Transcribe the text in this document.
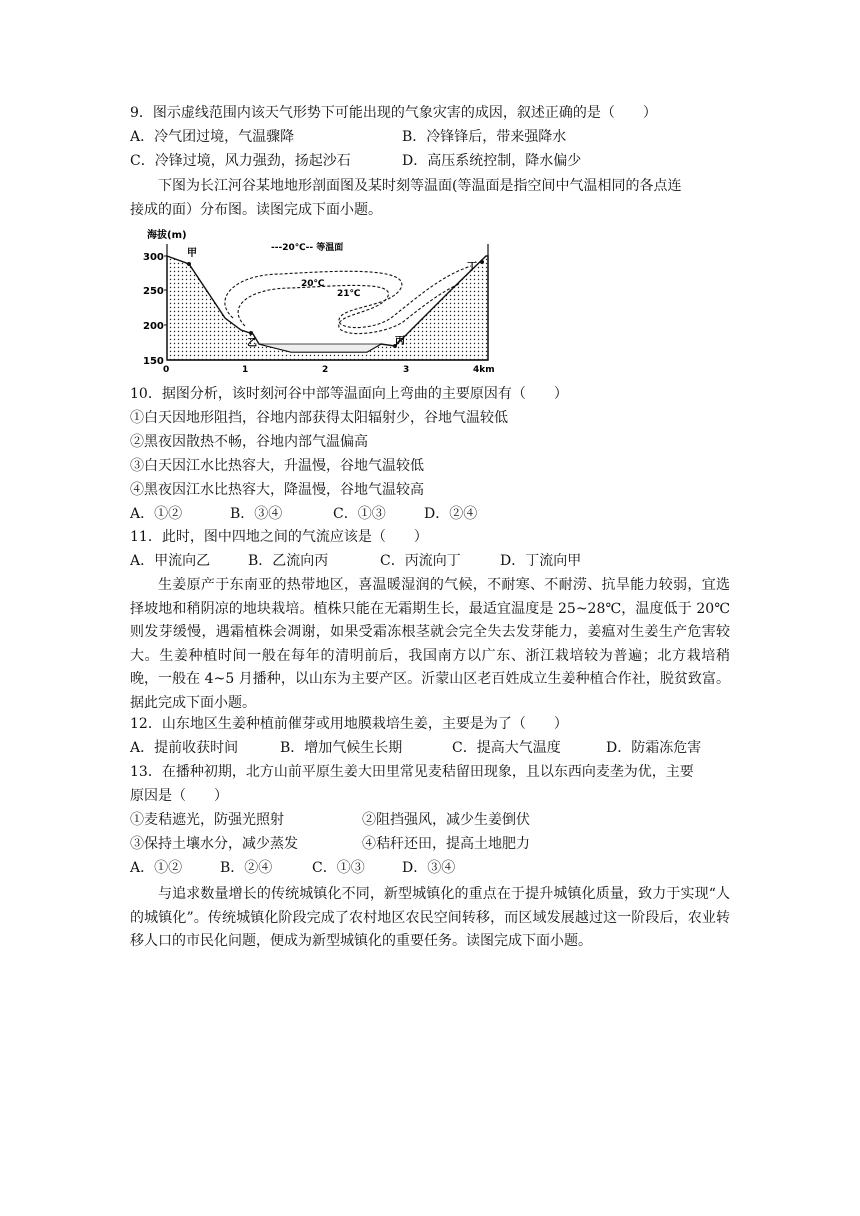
9．图示虚线范围内该天气形势下可能出现的气象灾害的成因，叙述正确的是（　　）
A．冷气团过境，气温骤降	B．冷锋锋后，带来强降水
C．冷锋过境，风力强劲，扬起沙石	D．高压系统控制，降水偏少
下图为长江河谷某地地形剖面图及某时刻等温面(等温面是指空间中气温相同的各点连
接成的面）分布图。读图完成下面小题。
海拔(m)
---20℃-- 等温面
300
250
200
150
0	1	2	3	4km
20℃
21℃
甲
乙	丙
丁
10．据图分析，该时刻河谷中部等温面向上弯曲的主要原因有（　　）
①白天因地形阻挡，谷地内部获得太阳辐射少，谷地气温较低
②黑夜因散热不畅，谷地内部气温偏高
③白天因江水比热容大，升温慢，谷地气温较低
④黑夜因江水比热容大，降温慢，谷地气温较高
A．①②	B．③④	C．①③	D．②④
11．此时，图中四地之间的气流应该是（　　）
A．甲流向乙	B．乙流向丙	C．丙流向丁	D．丁流向甲

生姜原产于东南亚的热带地区，喜温暖湿润的气候，不耐寒、不耐涝、抗旱能力较弱，宜选择坡地和稍阴凉的地块栽培。植株只能在无霜期生长，最适宜温度是 25~28℃，温度低于 20℃则发芽缓慢，遇霜植株会凋谢，如果受霜冻根茎就会完全失去发芽能力，姜瘟对生姜生产危害较大。生姜种植时间一般在每年的清明前后，我国南方以广东、浙江栽培较为普遍；北方栽培稍晚，一般在 4~5 月播种，以山东为主要产区。沂蒙山区老百姓成立生姜种植合作社，脱贫致富。据此完成下面小题。

12．山东地区生姜种植前催芽或用地膜栽培生姜，主要是为了（　　）
A．提前收获时间	B．增加气候生长期	C．提高大气温度	D．防霜冻危害
13．在播种初期，北方山前平原生姜大田里常见麦秸留田现象，且以东西向麦垄为优，主要
原因是（　　）
①麦秸遮光，防强光照射	②阻挡强风，减少生姜倒伏
③保持土壤水分，减少蒸发	④秸秆还田，提高土地肥力
A．①②	B．②④	C．①③	D．③④

与追求数量增长的传统城镇化不同，新型城镇化的重点在于提升城镇化质量，致力于实现“人的城镇化”。传统城镇化阶段完成了农村地区农民空间转移，而区域发展越过这一阶段后，农业转移人口的市民化问题，便成为新型城镇化的重要任务。读图完成下面小题。
